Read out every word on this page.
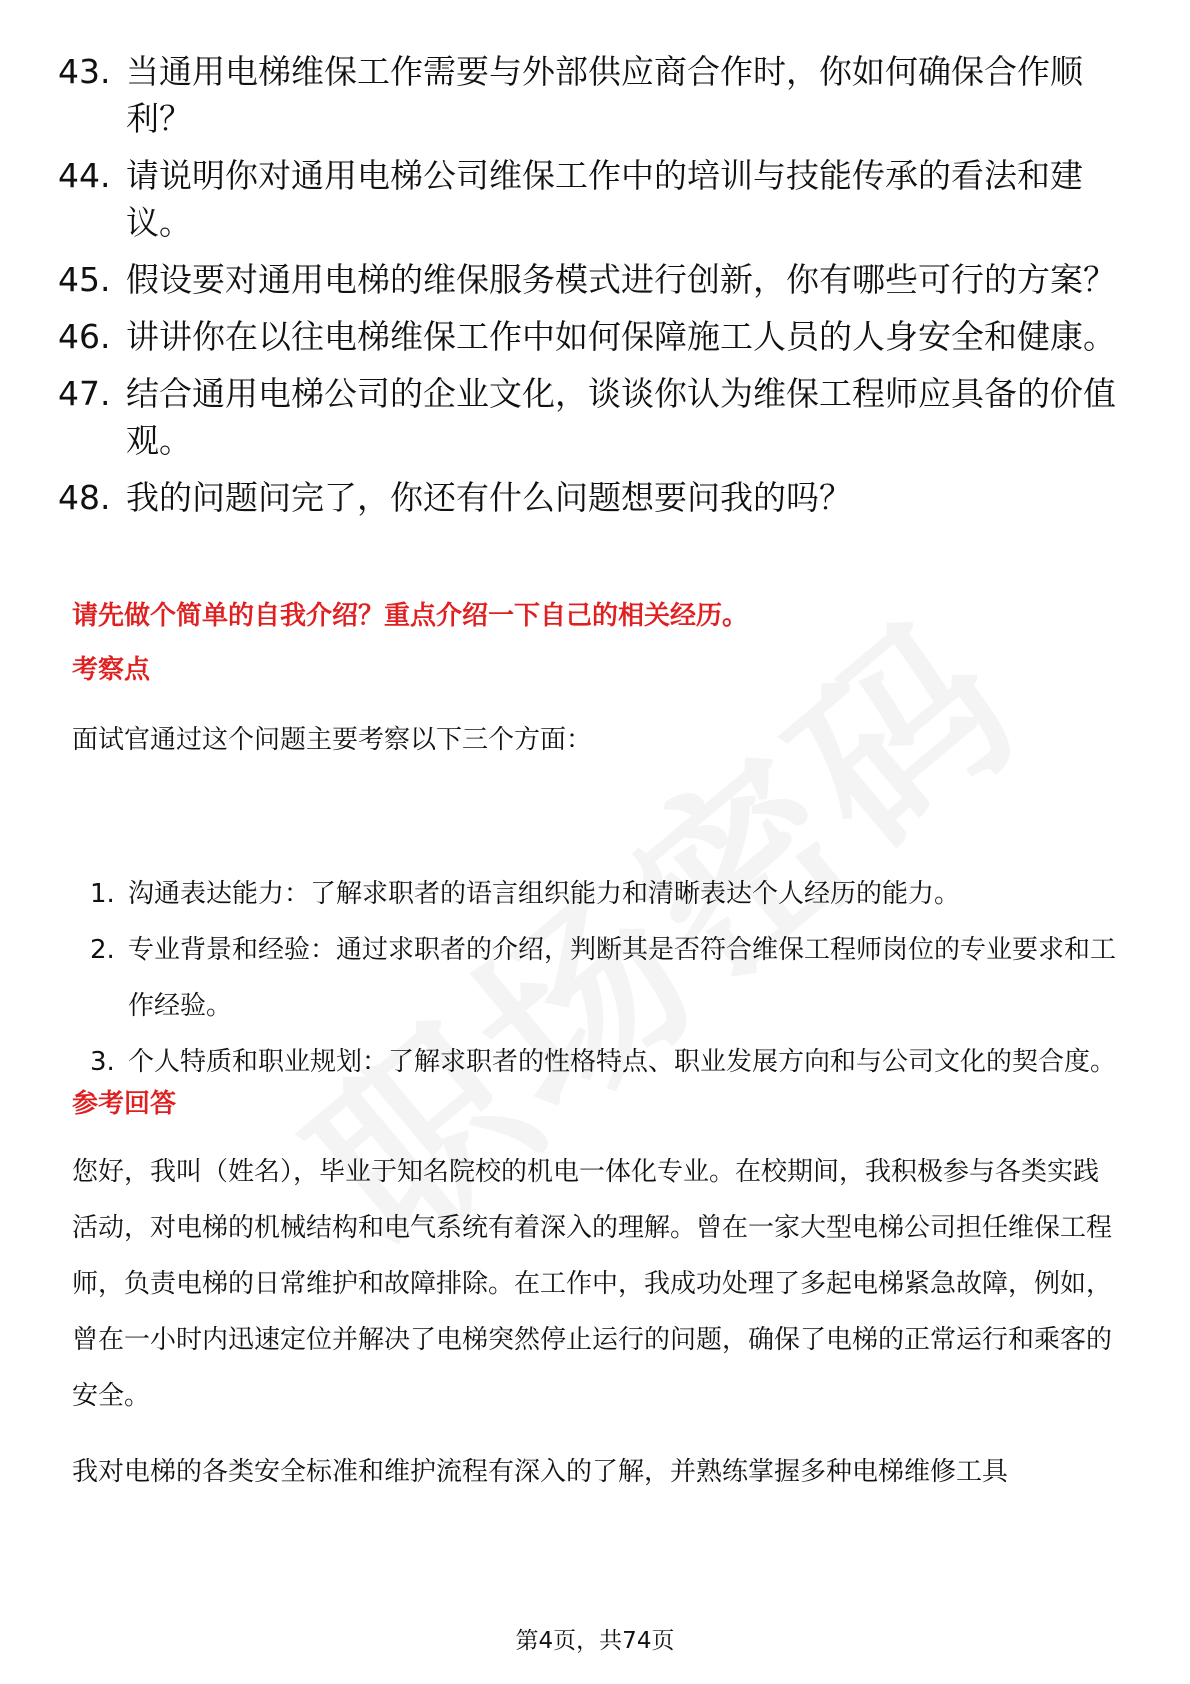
43. 当通用电梯维保工作需要与外部供应商合作时，你如何确保合作顺利？
44. 请说明你对通用电梯公司维保工作中的培训与技能传承的看法和建议。
45. 假设要对通用电梯的维保服务模式进行创新，你有哪些可行的方案？
46. 讲讲你在以往电梯维保工作中如何保障施工人员的人身安全和健康。
47. 结合通用电梯公司的企业文化，谈谈你认为维保工程师应具备的价值观。
48. 我的问题问完了，你还有什么问题想要问我的吗？
请先做个简单的自我介绍？重点介绍一下自己的相关经历。
考察点
面试官通过这个问题主要考察以下三个方面：
1. 沟通表达能力：了解求职者的语言组织能力和清晰表达个人经历的能力。
2. 专业背景和经验：通过求职者的介绍，判断其是否符合维保工程师岗位的专业要求和工作经验。
3. 个人特质和职业规划：了解求职者的性格特点、职业发展方向和与公司文化的契合度。
参考回答
您好，我叫（姓名），毕业于知名院校的机电一体化专业。在校期间，我积极参与各类实践活动，对电梯的机械结构和电气系统有着深入的理解。曾在一家大型电梯公司担任维保工程师，负责电梯的日常维护和故障排除。在工作中，我成功处理了多起电梯紧急故障，例如，曾在一小时内迅速定位并解决了电梯突然停止运行的问题，确保了电梯的正常运行和乘客的安全。
我对电梯的各类安全标准和维护流程有深入的了解，并熟练掌握多种电梯维修工具
第4页，共74页
